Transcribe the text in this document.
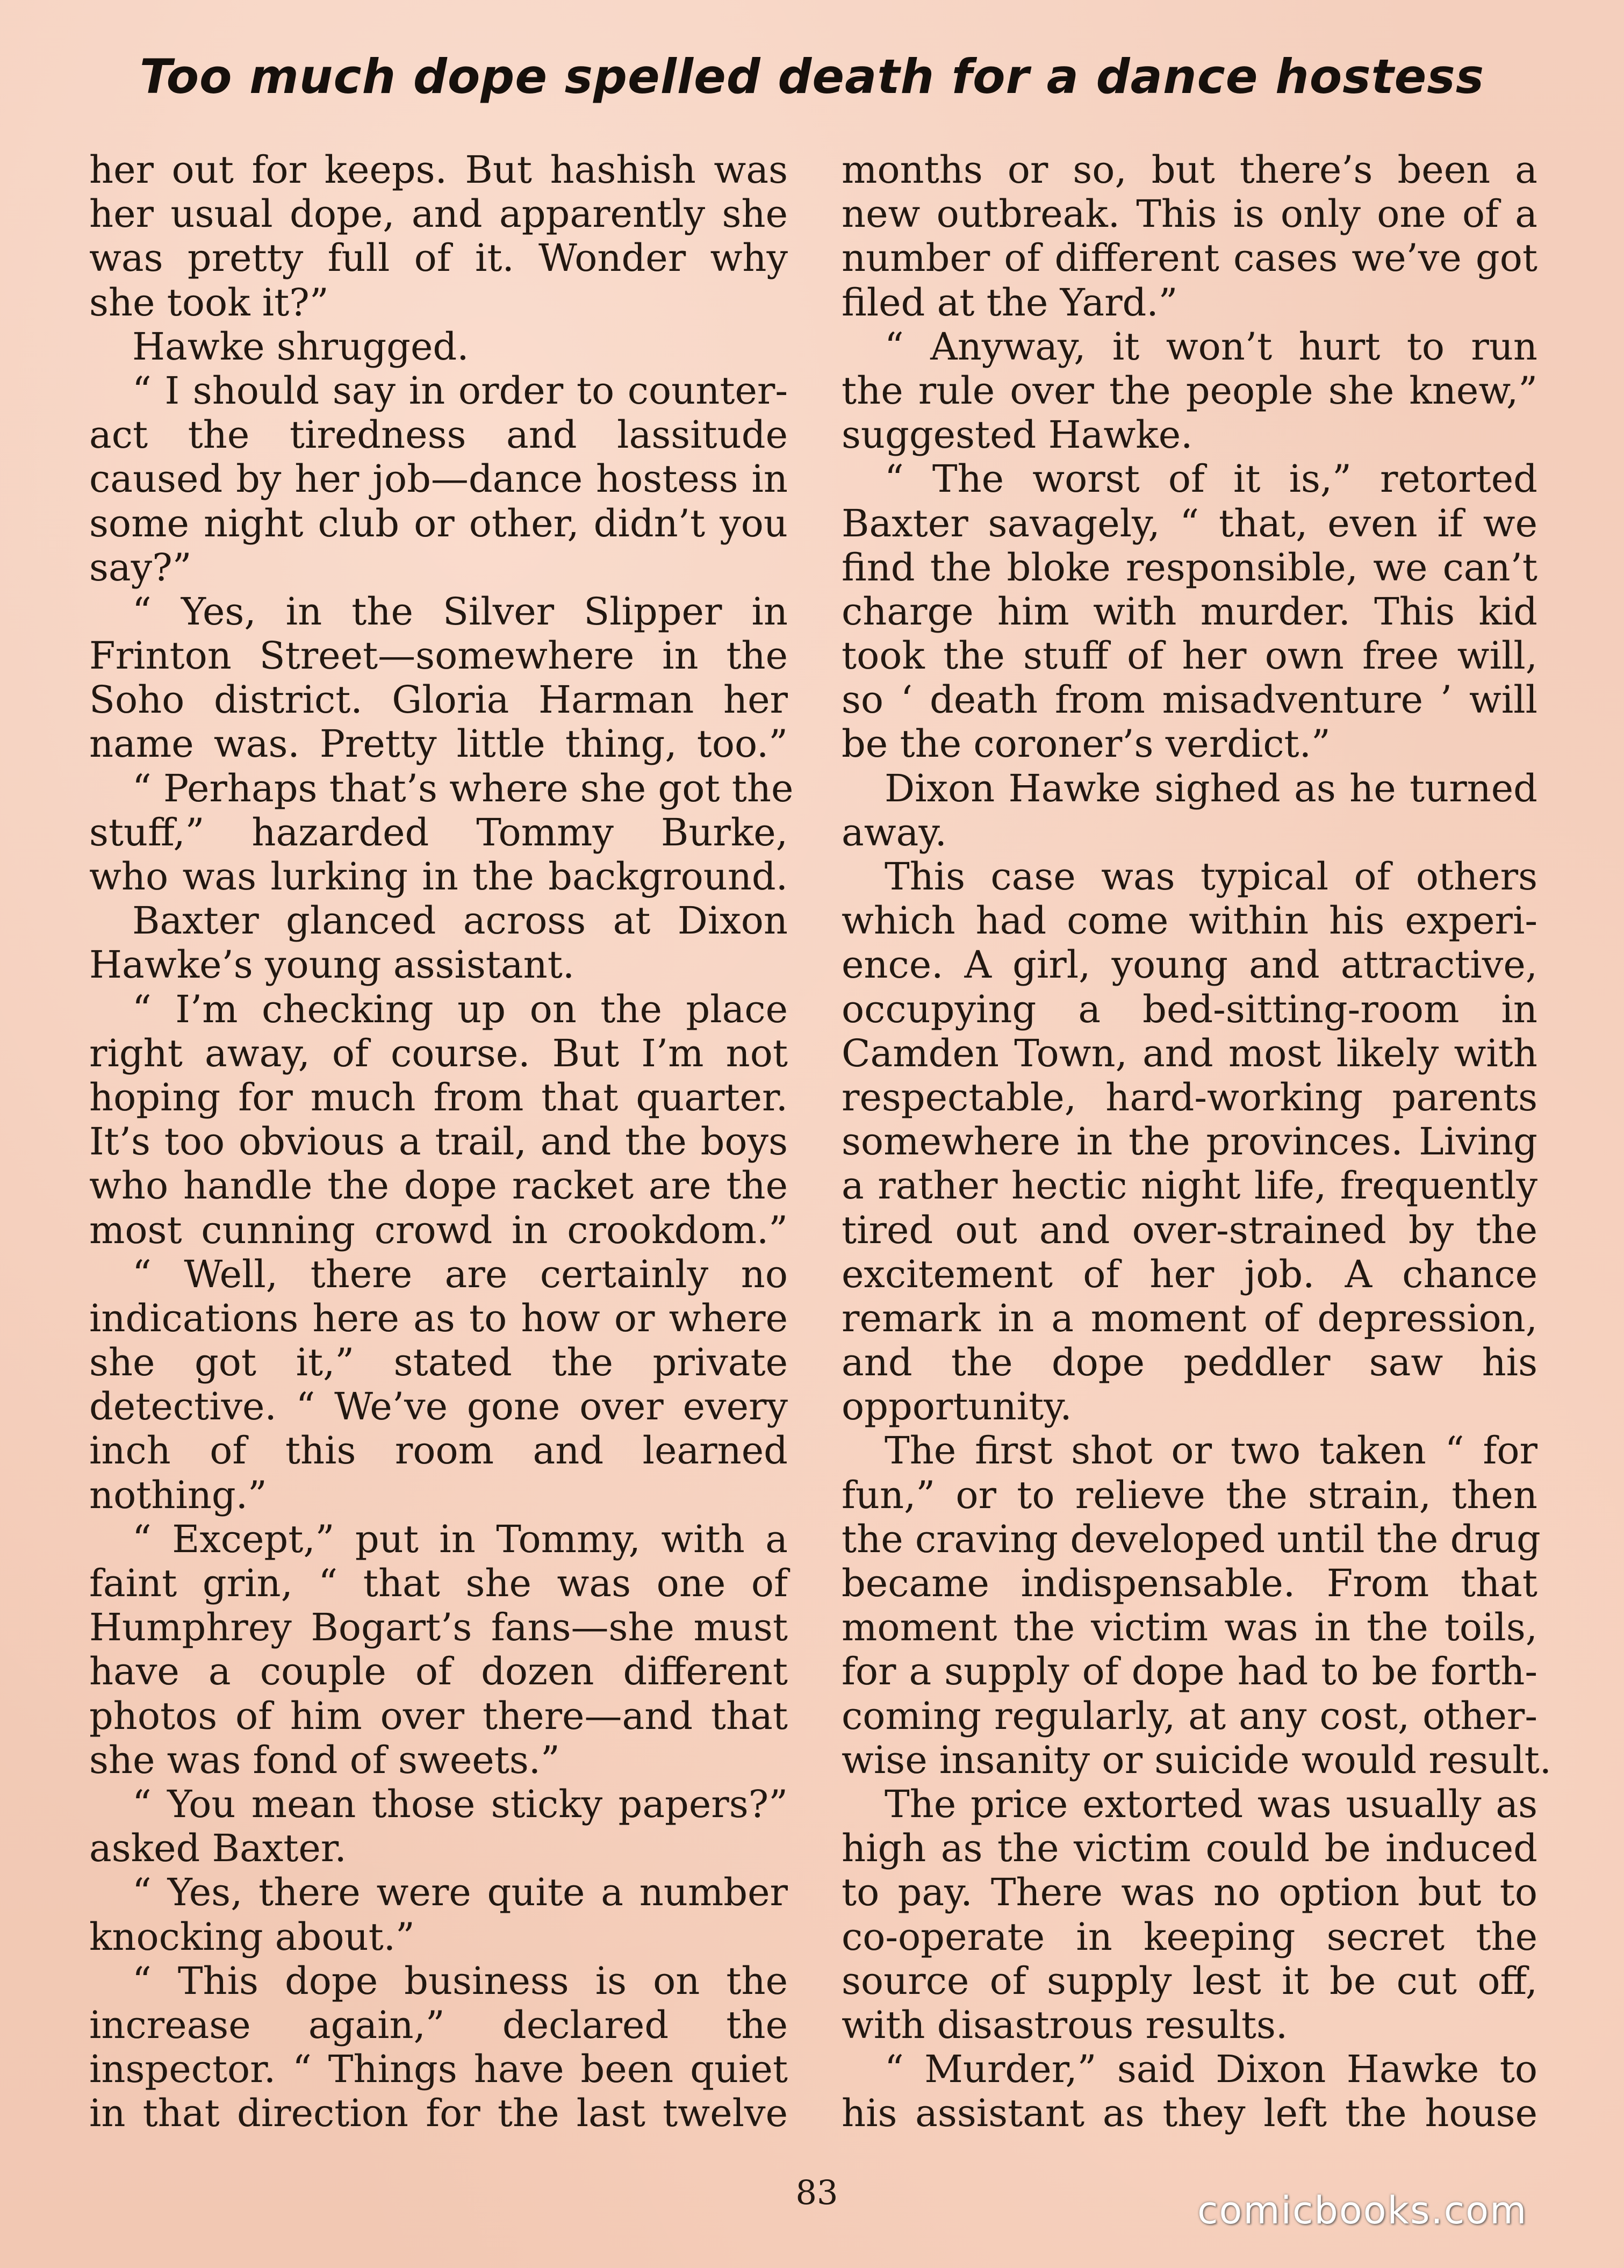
Too much dope spelled death for a dance hostess
her out for keeps. But hashish was
her usual dope, and apparently she
was pretty full of it. Wonder why
she took it?”
Hawke shrugged.
“ I should say in order to counter-
act the tiredness and lassitude
caused by her job—dance hostess in
some night club or other, didn’t you
say?”
“ Yes, in the Silver Slipper in
Frinton Street—somewhere in the
Soho district. Gloria Harman her
name was. Pretty little thing, too.”
“ Perhaps that’s where she got the
stuff,” hazarded Tommy Burke,
who was lurking in the background.
Baxter glanced across at Dixon
Hawke’s young assistant.
“ I’m checking up on the place
right away, of course. But I’m not
hoping for much from that quarter.
It’s too obvious a trail, and the boys
who handle the dope racket are the
most cunning crowd in crookdom.”
“ Well, there are certainly no
indications here as to how or where
she got it,” stated the private
detective. “ We’ve gone over every
inch of this room and learned
nothing.”
“ Except,” put in Tommy, with a
faint grin, “ that she was one of
Humphrey Bogart’s fans—she must
have a couple of dozen different
photos of him over there—and that
she was fond of sweets.”
“ You mean those sticky papers?”
asked Baxter.
“ Yes, there were quite a number
knocking about.”
“ This dope business is on the
increase again,” declared the
inspector. “ Things have been quiet
in that direction for the last twelve
months or so, but there’s been a
new outbreak. This is only one of a
number of different cases we’ve got
filed at the Yard.”
“ Anyway, it won’t hurt to run
the rule over the people she knew,”
suggested Hawke.
“ The worst of it is,” retorted
Baxter savagely, “ that, even if we
find the bloke responsible, we can’t
charge him with murder. This kid
took the stuff of her own free will,
so ‘ death from misadventure ’ will
be the coroner’s verdict.”
Dixon Hawke sighed as he turned
away.
This case was typical of others
which had come within his experi-
ence. A girl, young and attractive,
occupying a bed-sitting-room in
Camden Town, and most likely with
respectable, hard-working parents
somewhere in the provinces. Living
a rather hectic night life, frequently
tired out and over-strained by the
excitement of her job. A chance
remark in a moment of depression,
and the dope peddler saw his
opportunity.
The first shot or two taken “ for
fun,” or to relieve the strain, then
the craving developed until the drug
became indispensable. From that
moment the victim was in the toils,
for a supply of dope had to be forth-
coming regularly, at any cost, other-
wise insanity or suicide would result.
The price extorted was usually as
high as the victim could be induced
to pay. There was no option but to
co-operate in keeping secret the
source of supply lest it be cut off,
with disastrous results.
“ Murder,” said Dixon Hawke to
his assistant as they left the house
83	comicbooks.com
